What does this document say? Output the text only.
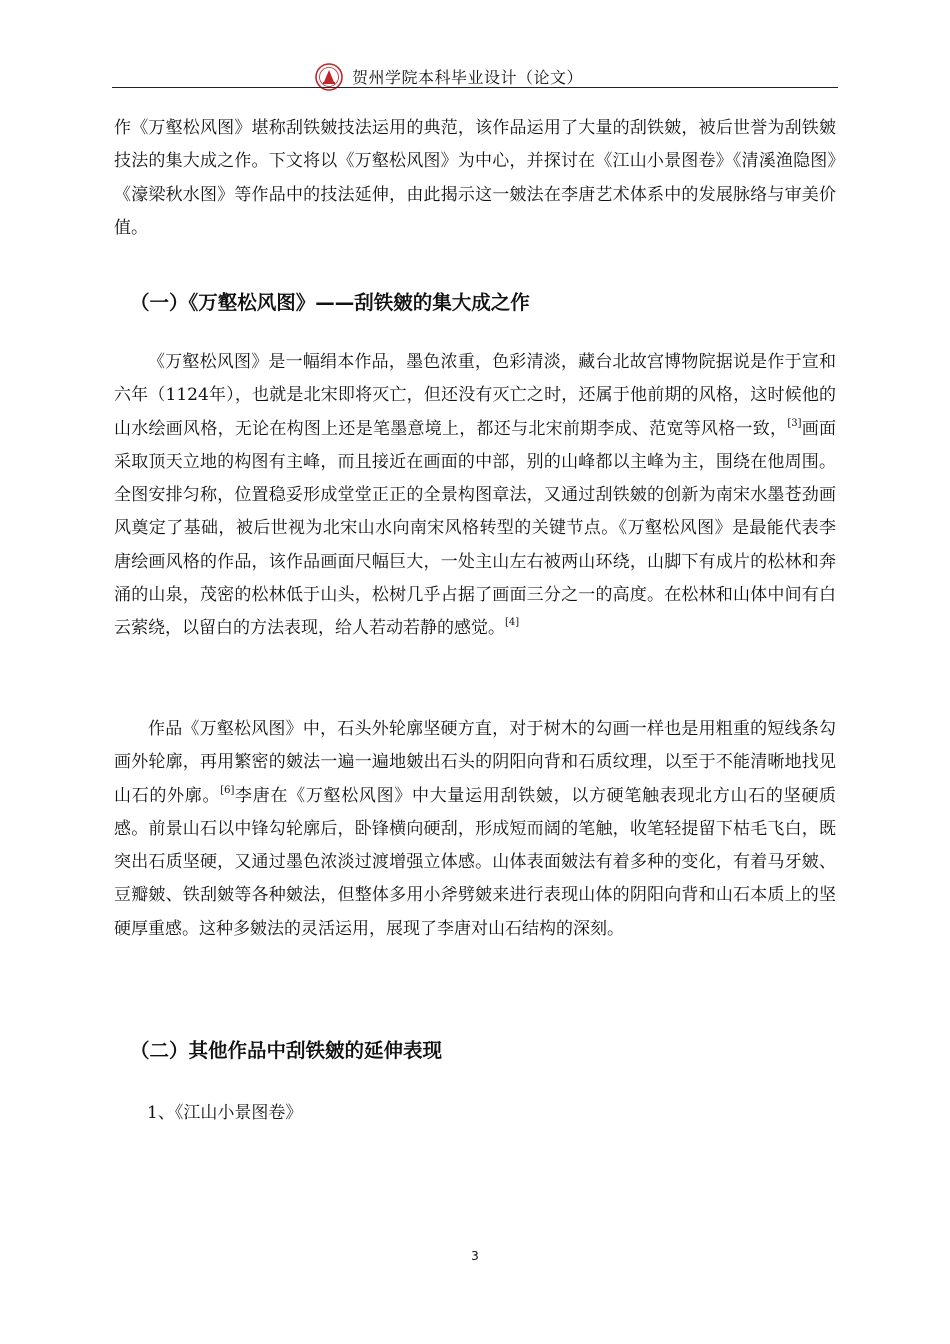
贺州学院本科毕业设计（论文）

作《万壑松风图》堪称刮铁皴技法运用的典范，该作品运用了大量的刮铁皴，被后世誉为刮铁皴技法的集大成之作。下文将以《万壑松风图》为中心，并探讨在《江山小景图卷》《清溪渔隐图》《濠梁秋水图》等作品中的技法延伸，由此揭示这一皴法在李唐艺术体系中的发展脉络与审美价值。

（一）《万壑松风图》——刮铁皴的集大成之作

《万壑松风图》是一幅绢本作品，墨色浓重，色彩清淡，藏台北故宫博物院据说是作于宣和六年（1124年），也就是北宋即将灭亡，但还没有灭亡之时，还属于他前期的风格，这时候他的山水绘画风格，无论在构图上还是笔墨意境上，都还与北宋前期李成、范宽等风格一致，[3]画面采取顶天立地的构图有主峰，而且接近在画面的中部，别的山峰都以主峰为主，围绕在他周围。全图安排匀称，位置稳妥形成堂堂正正的全景构图章法，又通过刮铁皴的创新为南宋水墨苍劲画风奠定了基础，被后世视为北宋山水向南宋风格转型的关键节点。《万壑松风图》是最能代表李唐绘画风格的作品，该作品画面尺幅巨大，一处主山左右被两山环绕，山脚下有成片的松林和奔涌的山泉，茂密的松林低于山头，松树几乎占据了画面三分之一的高度。在松林和山体中间有白云萦绕，以留白的方法表现，给人若动若静的感觉。[4]

作品《万壑松风图》中，石头外轮廓坚硬方直，对于树木的勾画一样也是用粗重的短线条勾画外轮廓，再用繁密的皴法一遍一遍地皴出石头的阴阳向背和石质纹理，以至于不能清晰地找见山石的外廓。[6]李唐在《万壑松风图》中大量运用刮铁皴，以方硬笔触表现北方山石的坚硬质感。前景山石以中锋勾轮廓后，卧锋横向硬刮，形成短而阔的笔触，收笔轻提留下枯毛飞白，既突出石质坚硬，又通过墨色浓淡过渡增强立体感。山体表面皴法有着多种的变化，有着马牙皴、豆瓣皴、铁刮皴等各种皴法，但整体多用小斧劈皴来进行表现山体的阴阳向背和山石本质上的坚硬厚重感。这种多皴法的灵活运用，展现了李唐对山石结构的深刻。

（二）其他作品中刮铁皴的延伸表现

1、《江山小景图卷》

3
